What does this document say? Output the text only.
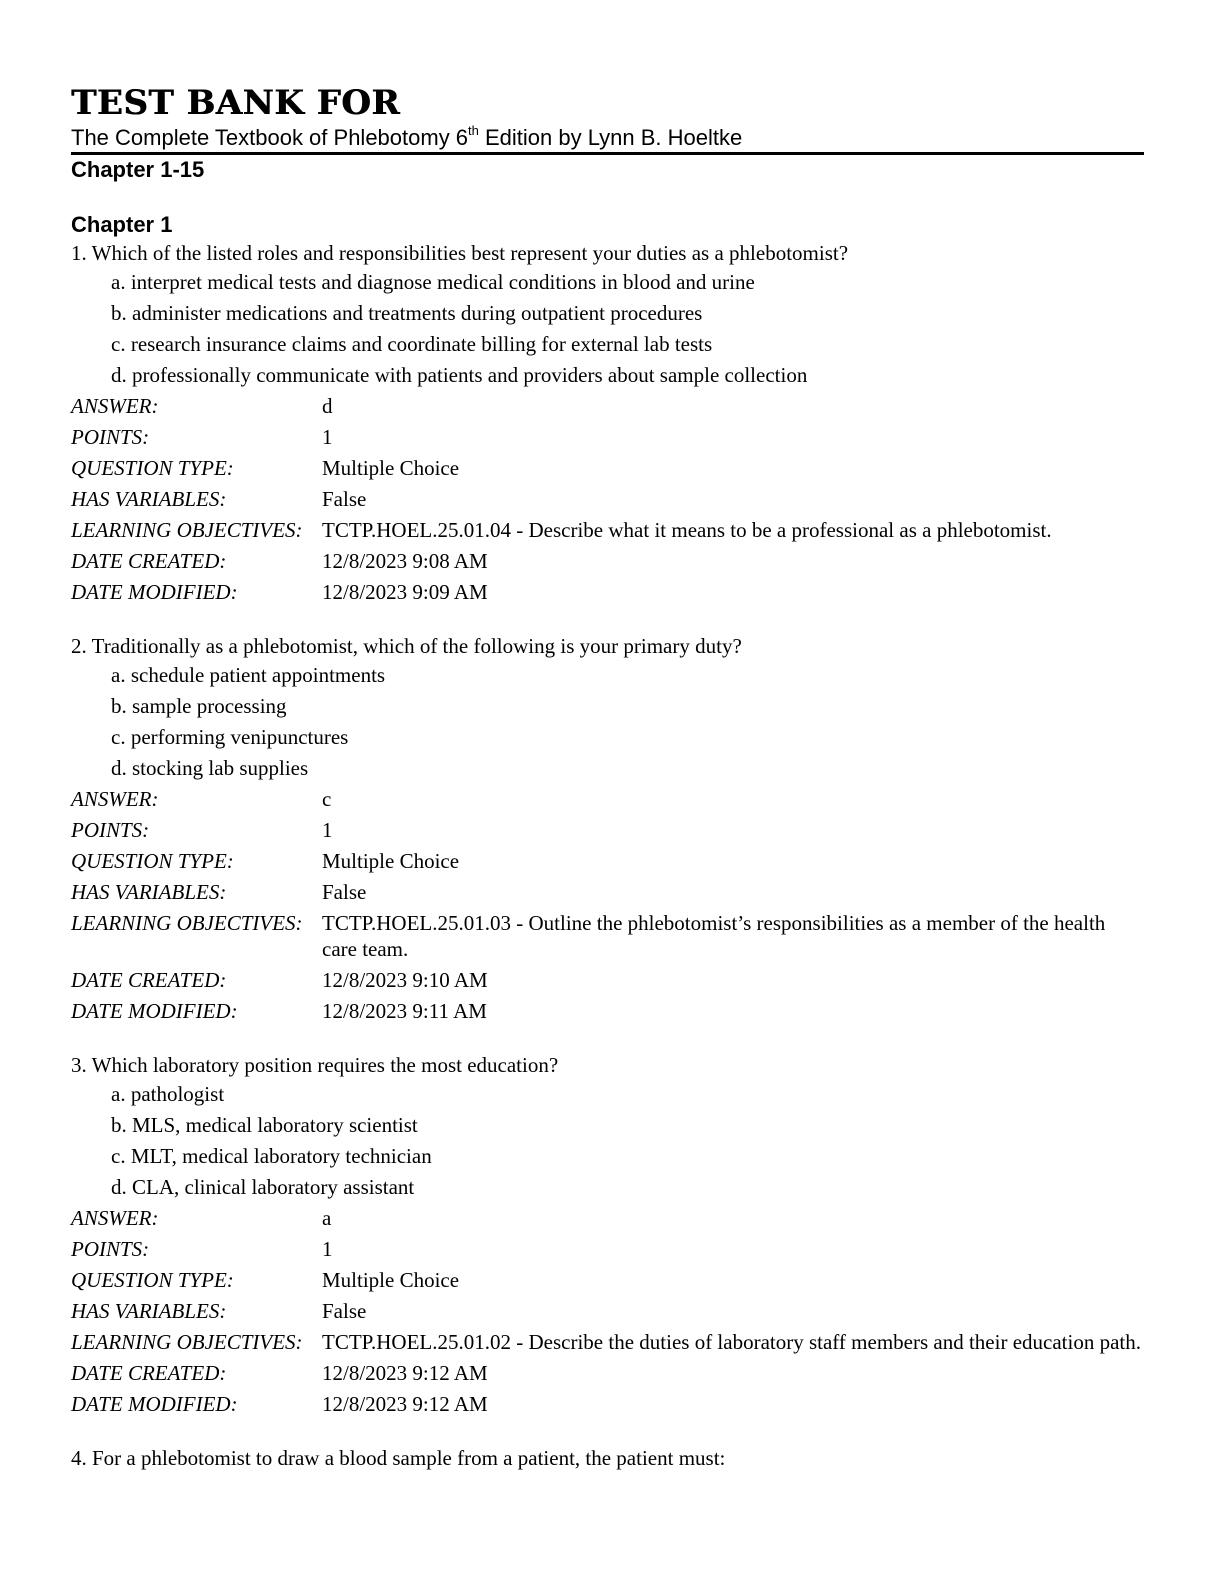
TEST BANK FOR
The Complete Textbook of Phlebotomy 6th Edition by Lynn B. Hoeltke
Chapter 1-15
Chapter 1
1. Which of the listed roles and responsibilities best represent your duties as a phlebotomist?
a. interpret medical tests and diagnose medical conditions in blood and urine
b. administer medications and treatments during outpatient procedures
c. research insurance claims and coordinate billing for external lab tests
d. professionally communicate with patients and providers about sample collection
ANSWER:	d
POINTS:	1
QUESTION TYPE:	Multiple Choice
HAS VARIABLES:	False
LEARNING OBJECTIVES: TCTP.HOEL.25.01.04 - Describe what it means to be a professional as a phlebotomist.
DATE CREATED:	12/8/2023 9:08 AM
DATE MODIFIED:	12/8/2023 9:09 AM
2. Traditionally as a phlebotomist, which of the following is your primary duty?
a. schedule patient appointments
b. sample processing
c. performing venipunctures
d. stocking lab supplies
ANSWER:	c
POINTS:	1
QUESTION TYPE:	Multiple Choice
HAS VARIABLES:	False
LEARNING OBJECTIVES: TCTP.HOEL.25.01.03 - Outline the phlebotomist’s responsibilities as a member of the health care team.
DATE CREATED:	12/8/2023 9:10 AM
DATE MODIFIED:	12/8/2023 9:11 AM
3. Which laboratory position requires the most education?
a. pathologist
b. MLS, medical laboratory scientist
c. MLT, medical laboratory technician
d. CLA, clinical laboratory assistant
ANSWER:	a
POINTS:	1
QUESTION TYPE:	Multiple Choice
HAS VARIABLES:	False
LEARNING OBJECTIVES: TCTP.HOEL.25.01.02 - Describe the duties of laboratory staff members and their education path.
DATE CREATED:	12/8/2023 9:12 AM
DATE MODIFIED:	12/8/2023 9:12 AM
4. For a phlebotomist to draw a blood sample from a patient, the patient must:
